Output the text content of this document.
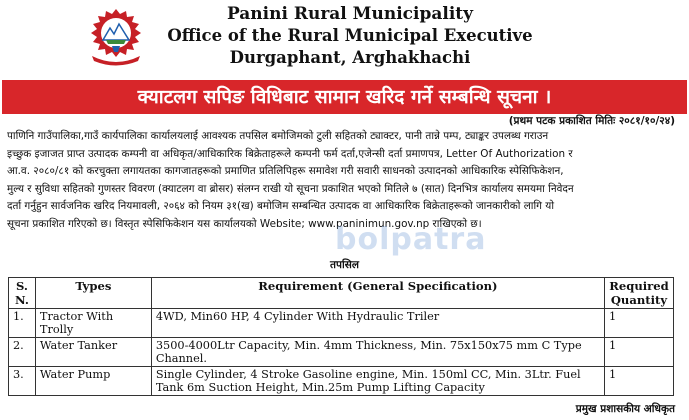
Panini Rural Municipality
Office of the Rural Municipal Executive
Durgaphant, Arghakhachi
क्याटलग सपिङ विधिबाट सामान खरिद गर्ने सम्बन्धि सूचना ।
(प्रथम पटक प्रकाशित मितिः २०८१/१०/२४)
पाणिनि गाउँपालिका,गाउँ कार्यपालिका कार्यालयलाई आवश्यक तपसिल बमोजिमको टुली सहितको ट्याक्टर, पानी तान्ने पम्प, ट्याङ्कर उपलब्ध गराउन
इच्छुक इजाजत प्राप्त उत्पादक कम्पनी वा अधिकृत/आधिकारिक बिक्रेताहरूले कम्पनी फर्म दर्ता,एजेन्सी दर्ता प्रमाणपत्र, Letter Of Authorization र
आ.व. २०८०/८१ को करचुक्ता लगायतका कागजातहरूको प्रमाणित प्रतिलिपिहरू समावेश गरी सवारी साधनको उत्पादनको आधिकारिक स्पेसिफिकेशन,
मुल्य र सुविधा सहितको गुणस्तर विवरण (क्याटलग वा ब्रोसर) संलग्न राखी यो सूचना प्रकाशित भएको मितिले ७ (सात) दिनभित्र कार्यालय समयमा निवेदन
दर्ता गर्नुहुन सार्वजनिक खरिद नियमावली, २०६४ को नियम ३१(ख) बमोजिम सम्बन्धित उत्पादक वा आधिकारिक बिक्रेताहरूको जानकारीको लागि यो
सूचना प्रकाशित गरिएको छ। विस्तृत स्पेसिफिकेशन यस कार्यालयको Website; www.paninimun.gov.np राखिएको छ।
bolpatra
तपसिल
S. N.	Types	Requirement (General Specification)	Required Quantity
1.	Tractor With Trolly	4WD, Min60 HP, 4 Cylinder With Hydraulic Triler	1
2.	Water Tanker	3500-4000Ltr Capacity, Min. 4mm Thickness, Min. 75x150x75 mm C Type Channel.	1
3.	Water Pump	Single Cylinder, 4 Stroke Gasoline engine, Min. 150ml CC, Min. 3Ltr. Fuel Tank 6m Suction Height, Min.25m Pump Lifting Capacity	1
प्रमुख प्रशासकीय अधिकृत
